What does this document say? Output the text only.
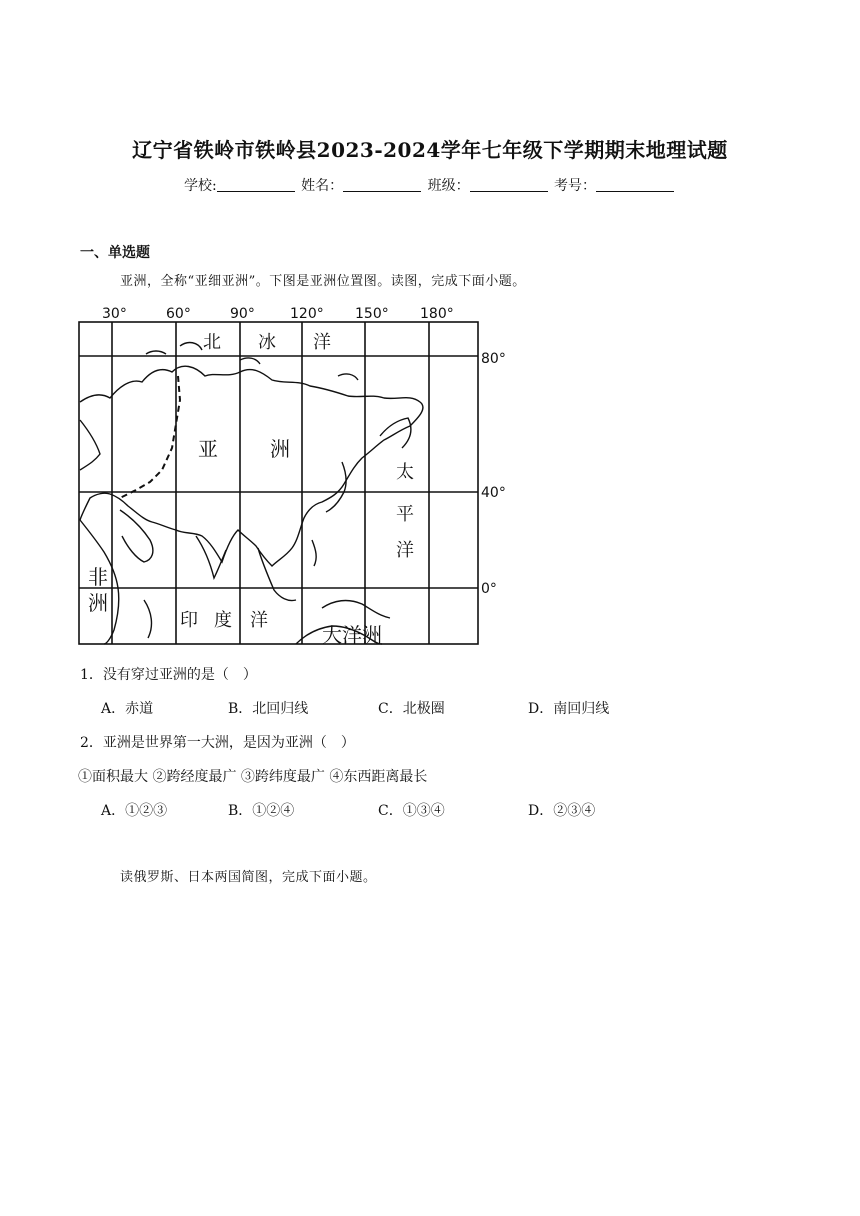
辽宁省铁岭市铁岭县2023-2024学年七年级下学期期末地理试题
学校:	姓名：	班级：	考号：
一、单选题
亚洲，全称“亚细亚洲”。下图是亚洲位置图。读图，完成下面小题。
30°	60°	90°	120° 150° 180°
80°
40°
0°
北 冰 洋
亚	洲
太
平
洋
非
洲
印 度 洋
大洋洲
1．没有穿过亚洲的是（　）
A．赤道	B．北回归线	C．北极圈	D．南回归线
2．亚洲是世界第一大洲，是因为亚洲（　）
①面积最大 ②跨经度最广 ③跨纬度最广 ④东西距离最长
A．①②③	B．①②④	C．①③④	D．②③④
读俄罗斯、日本两国简图，完成下面小题。
